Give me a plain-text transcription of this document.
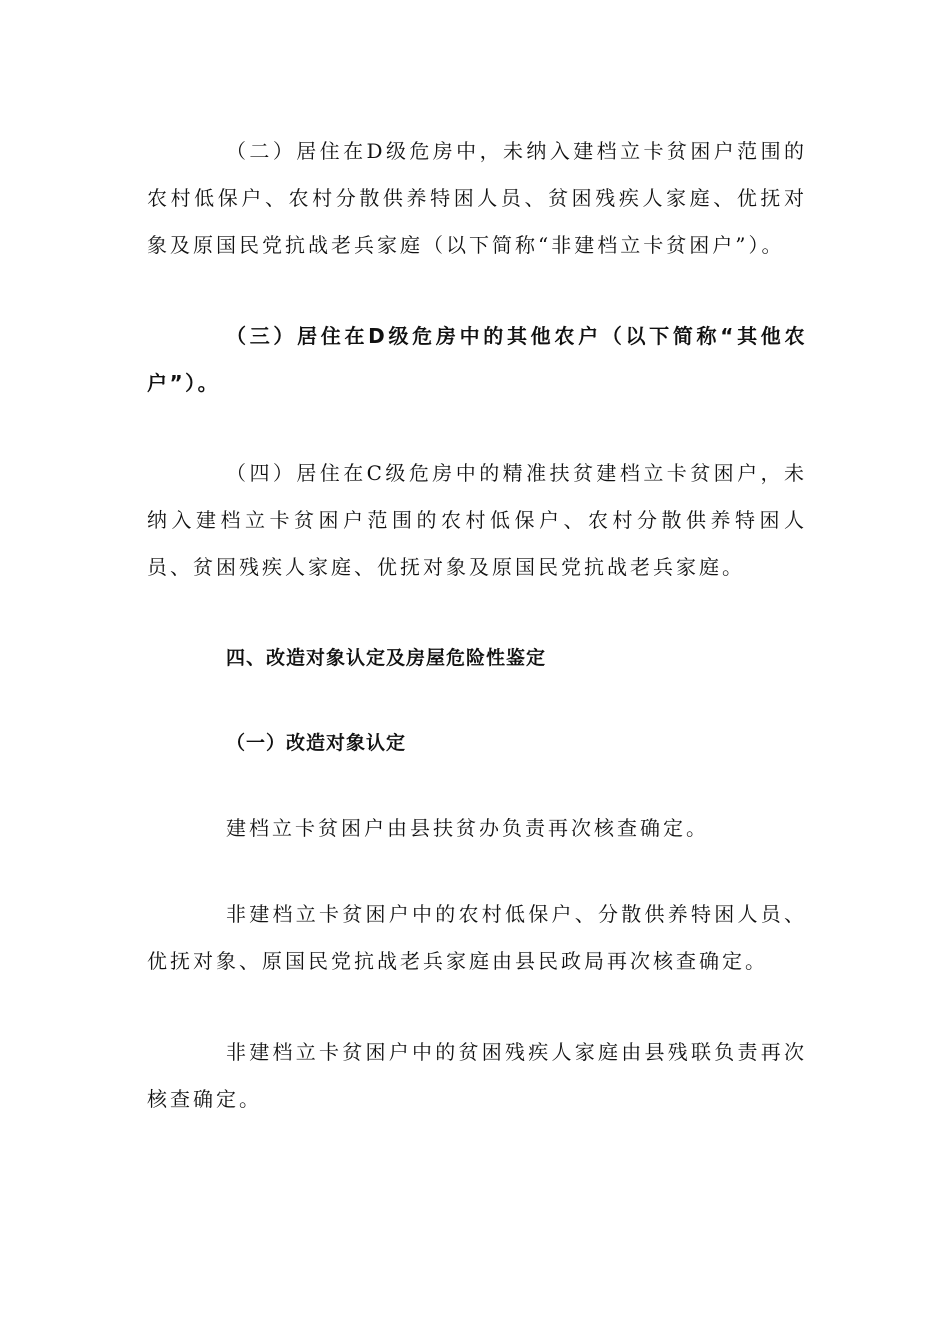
（二）居住在D级危房中，未纳入建档立卡贫困户范围的农村低保户、农村分散供养特困人员、贫困残疾人家庭、优抚对象及原国民党抗战老兵家庭（以下简称“非建档立卡贫困户”）。

（三）居住在D级危房中的其他农户（以下简称“其他农户”）。

（四）居住在C级危房中的精准扶贫建档立卡贫困户，未纳入建档立卡贫困户范围的农村低保户、农村分散供养特困人员、贫困残疾人家庭、优抚对象及原国民党抗战老兵家庭。

四、改造对象认定及房屋危险性鉴定
（一）改造对象认定

建档立卡贫困户由县扶贫办负责再次核查确定。

非建档立卡贫困户中的农村低保户、分散供养特困人员、优抚对象、原国民党抗战老兵家庭由县民政局再次核查确定。

非建档立卡贫困户中的贫困残疾人家庭由县残联负责再次核查确定。
